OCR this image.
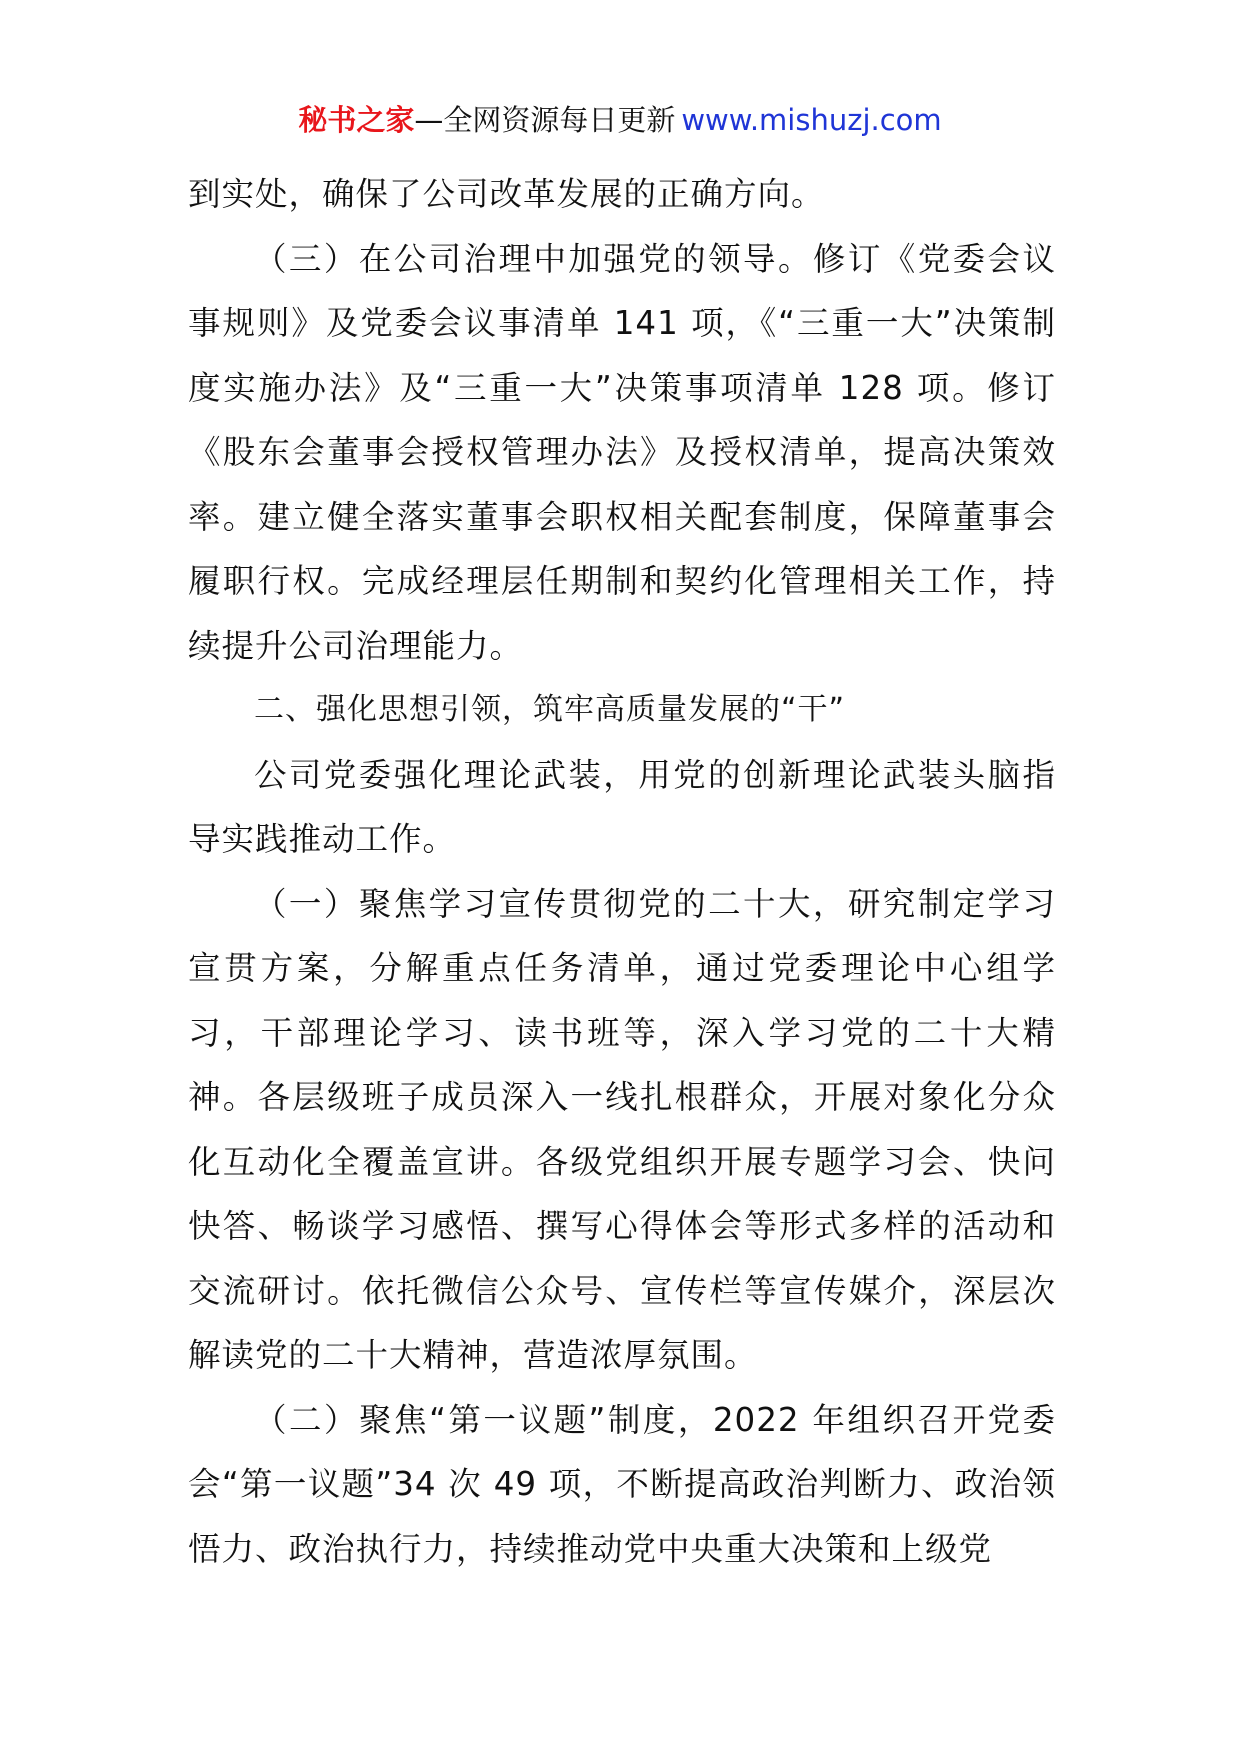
秘书之家—全网资源每日更新 www.mishuzj.com

到实处，确保了公司改革发展的正确方向。

（三）在公司治理中加强党的领导。修订《党委会议事规则》及党委会议事清单 141 项，《“三重一大”决策制度实施办法》及“三重一大”决策事项清单 128 项。修订《股东会董事会授权管理办法》及授权清单，提高决策效率。建立健全落实董事会职权相关配套制度，保障董事会履职行权。完成经理层任期制和契约化管理相关工作，持续提升公司治理能力。

二、强化思想引领，筑牢高质量发展的“干”

公司党委强化理论武装，用党的创新理论武装头脑指导实践推动工作。

（一）聚焦学习宣传贯彻党的二十大，研究制定学习宣贯方案，分解重点任务清单，通过党委理论中心组学习，干部理论学习、读书班等，深入学习党的二十大精神。各层级班子成员深入一线扎根群众，开展对象化分众化互动化全覆盖宣讲。各级党组织开展专题学习会、快问快答、畅谈学习感悟、撰写心得体会等形式多样的活动和交流研讨。依托微信公众号、宣传栏等宣传媒介，深层次解读党的二十大精神，营造浓厚氛围。

（二）聚焦“第一议题”制度，2022 年组织召开党委会“第一议题”34 次 49 项，不断提高政治判断力、政治领悟力、政治执行力，持续推动党中央重大决策和上级党
